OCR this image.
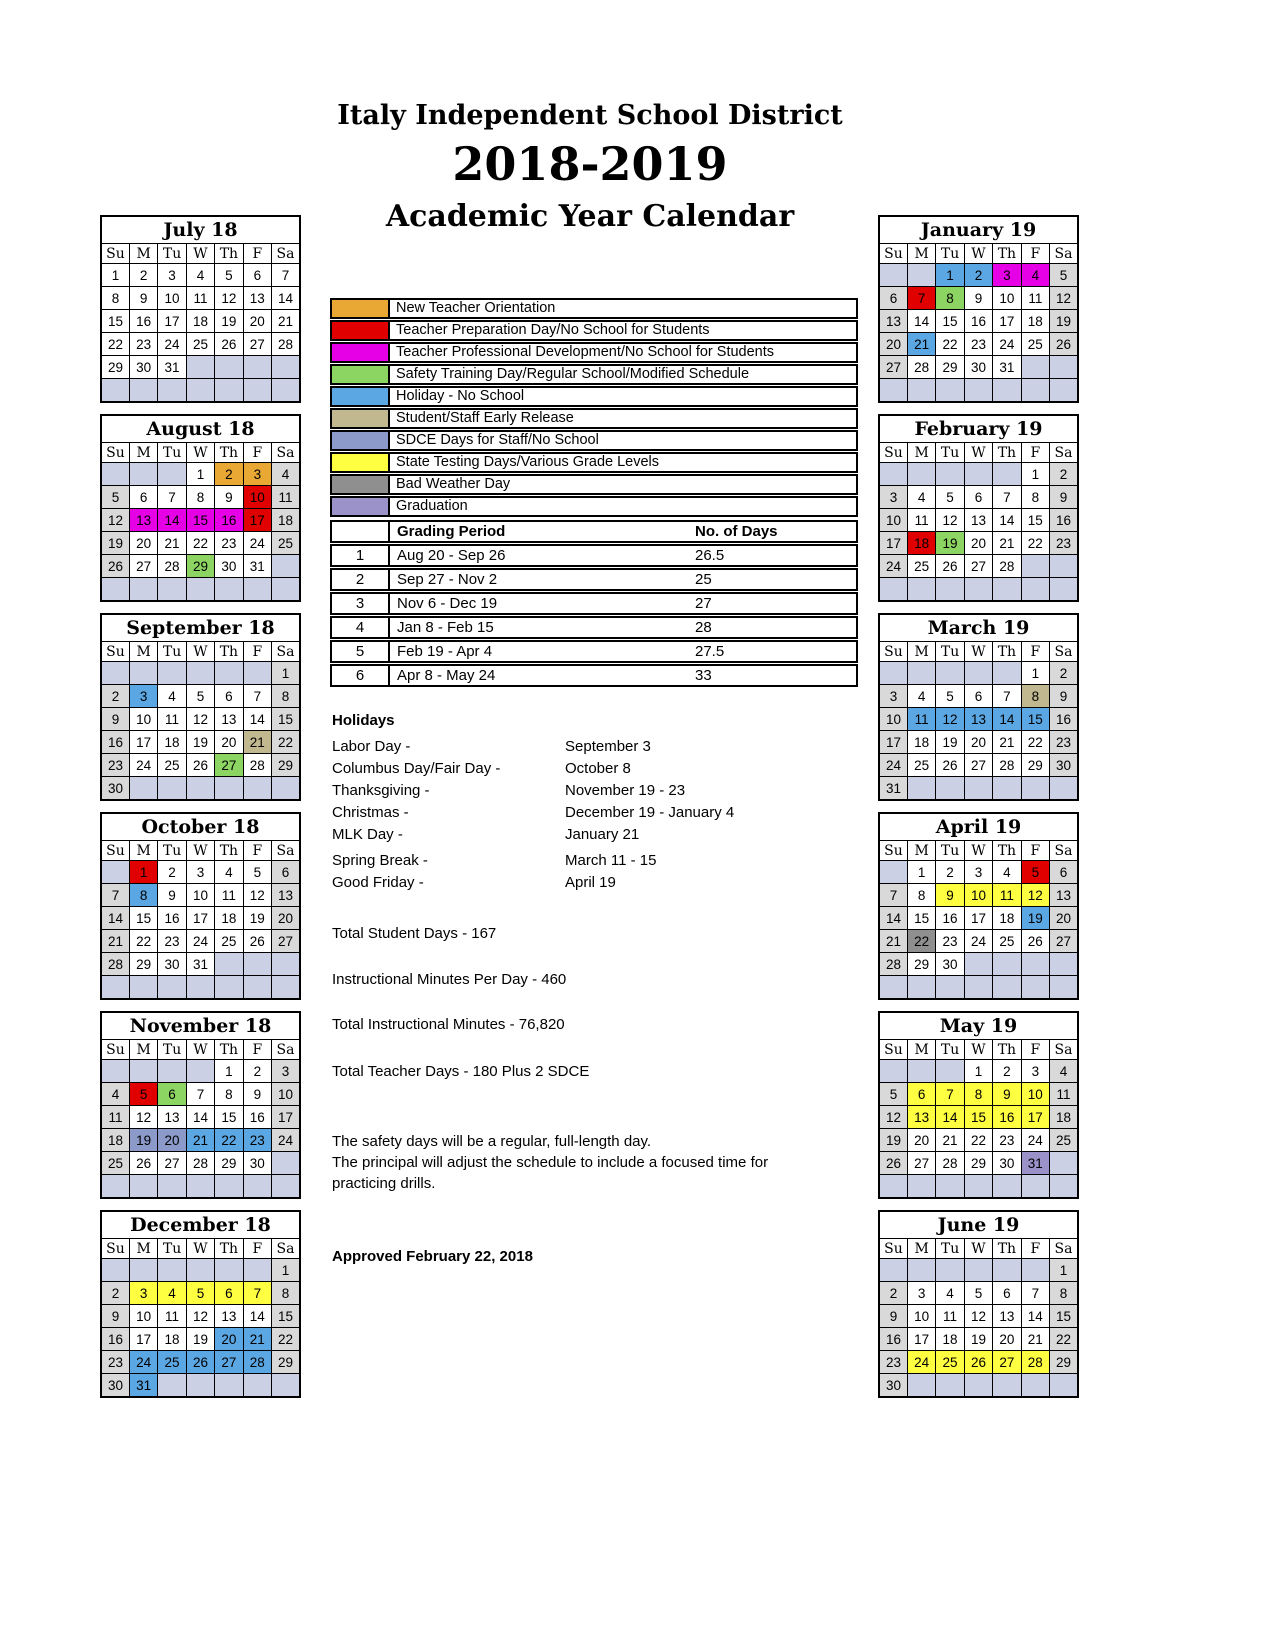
Italy Independent School District
2018-2019
Academic Year Calendar
New Teacher Orientation
Teacher Preparation Day/No School for Students
Teacher Professional Development/No School for Students
Safety Training Day/Regular School/Modified Schedule
Holiday - No School
Student/Staff Early Release
SDCE Days for Staff/No School
State Testing Days/Various Grade Levels
Bad Weather Day
Graduation
Grading Period	No. of Days
1	Aug 20 - Sep 26	26.5
2	Sep 27 - Nov 2	25
3	Nov 6 - Dec 19	27
4	Jan 8 - Feb 15	28
5	Feb 19 - Apr 4	27.5
6	Apr 8 - May 24	33
Holidays
Labor Day -	September 3
Columbus Day/Fair Day -	October 8
Thanksgiving -	November 19 - 23
Christmas -	December 19 - January 4
MLK Day -	January 21
Spring Break -	March 11 - 15
Good Friday -	April 19
Total Student Days - 167
Instructional Minutes Per Day - 460
Total Instructional Minutes - 76,820
Total Teacher Days - 180 Plus 2 SDCE
The safety days will be a regular, full-length day.
The principal will adjust the schedule to include a focused time for
practicing drills.
Approved February 22, 2018
July 18						
Su	M	Tu	W	Th	F	Sa
1	2	3	4	5	6	7
8	9	10	11	12	13	14
15	16	17	18	19	20	21
22	23	24	25	26	27	28
29	30	31				

August 18						
Su	M	Tu	W	Th	F	Sa
			1	2	3	4
5	6	7	8	9	10	11
12	13	14	15	16	17	18
19	20	21	22	23	24	25
26	27	28	29	30	31	

September 18						
Su	M	Tu	W	Th	F	Sa
						1
2	3	4	5	6	7	8
9	10	11	12	13	14	15
16	17	18	19	20	21	22
23	24	25	26	27	28	29
30						
October 18						
Su	M	Tu	W	Th	F	Sa
	1	2	3	4	5	6
7	8	9	10	11	12	13
14	15	16	17	18	19	20
21	22	23	24	25	26	27
28	29	30	31			

November 18						
Su	M	Tu	W	Th	F	Sa
				1	2	3
4	5	6	7	8	9	10
11	12	13	14	15	16	17
18	19	20	21	22	23	24
25	26	27	28	29	30	

December 18						
Su	M	Tu	W	Th	F	Sa
						1
2	3	4	5	6	7	8
9	10	11	12	13	14	15
16	17	18	19	20	21	22
23	24	25	26	27	28	29
30	31					
January 19						
Su	M	Tu	W	Th	F	Sa
		1	2	3	4	5
6	7	8	9	10	11	12
13	14	15	16	17	18	19
20	21	22	23	24	25	26
27	28	29	30	31		

February 19						
Su	M	Tu	W	Th	F	Sa
					1	2
3	4	5	6	7	8	9
10	11	12	13	14	15	16
17	18	19	20	21	22	23
24	25	26	27	28		

March 19						
Su	M	Tu	W	Th	F	Sa
					1	2
3	4	5	6	7	8	9
10	11	12	13	14	15	16
17	18	19	20	21	22	23
24	25	26	27	28	29	30
31						
April 19						
Su	M	Tu	W	Th	F	Sa
	1	2	3	4	5	6
7	8	9	10	11	12	13
14	15	16	17	18	19	20
21	22	23	24	25	26	27
28	29	30				

May 19						
Su	M	Tu	W	Th	F	Sa
			1	2	3	4
5	6	7	8	9	10	11
12	13	14	15	16	17	18
19	20	21	22	23	24	25
26	27	28	29	30	31	

June 19						
Su	M	Tu	W	Th	F	Sa
						1
2	3	4	5	6	7	8
9	10	11	12	13	14	15
16	17	18	19	20	21	22
23	24	25	26	27	28	29
30						
